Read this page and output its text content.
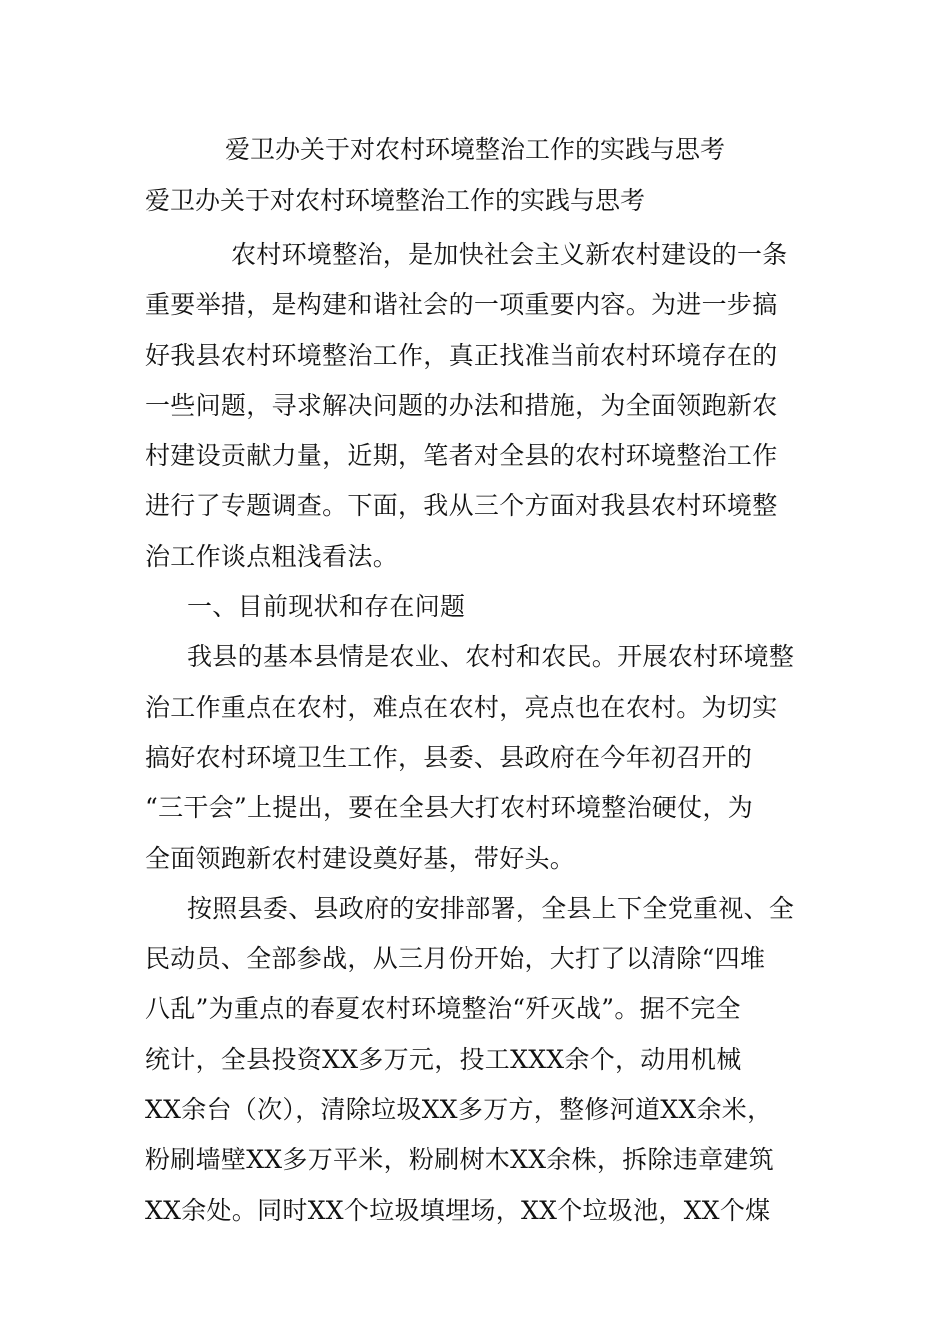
爱卫办关于对农村环境整治工作的实践与思考
爱卫办关于对农村环境整治工作的实践与思考
农村环境整治，是加快社会主义新农村建设的一条
重要举措，是构建和谐社会的一项重要内容。为进一步搞
好我县农村环境整治工作，真正找准当前农村环境存在的
一些问题，寻求解决问题的办法和措施，为全面领跑新农
村建设贡献力量，近期，笔者对全县的农村环境整治工作
进行了专题调查。下面，我从三个方面对我县农村环境整
治工作谈点粗浅看法。
一、目前现状和存在问题
我县的基本县情是农业、农村和农民。开展农村环境整
治工作重点在农村，难点在农村，亮点也在农村。为切实
搞好农村环境卫生工作，县委、县政府在今年初召开的
“三干会”上提出，要在全县大打农村环境整治硬仗，为
全面领跑新农村建设奠好基，带好头。
按照县委、县政府的安排部署，全县上下全党重视、全
民动员、全部参战，从三月份开始，大打了以清除“四堆
八乱”为重点的春夏农村环境整治“歼灭战”。据不完全
统计，全县投资XX多万元，投工XXX余个，动用机械
XX余台（次），清除垃圾XX多万方，整修河道XX余米，
粉刷墙壁XX多万平米，粉刷树木XX余株，拆除违章建筑
XX余处。同时XX个垃圾填埋场，XX个垃圾池，XX个煤
